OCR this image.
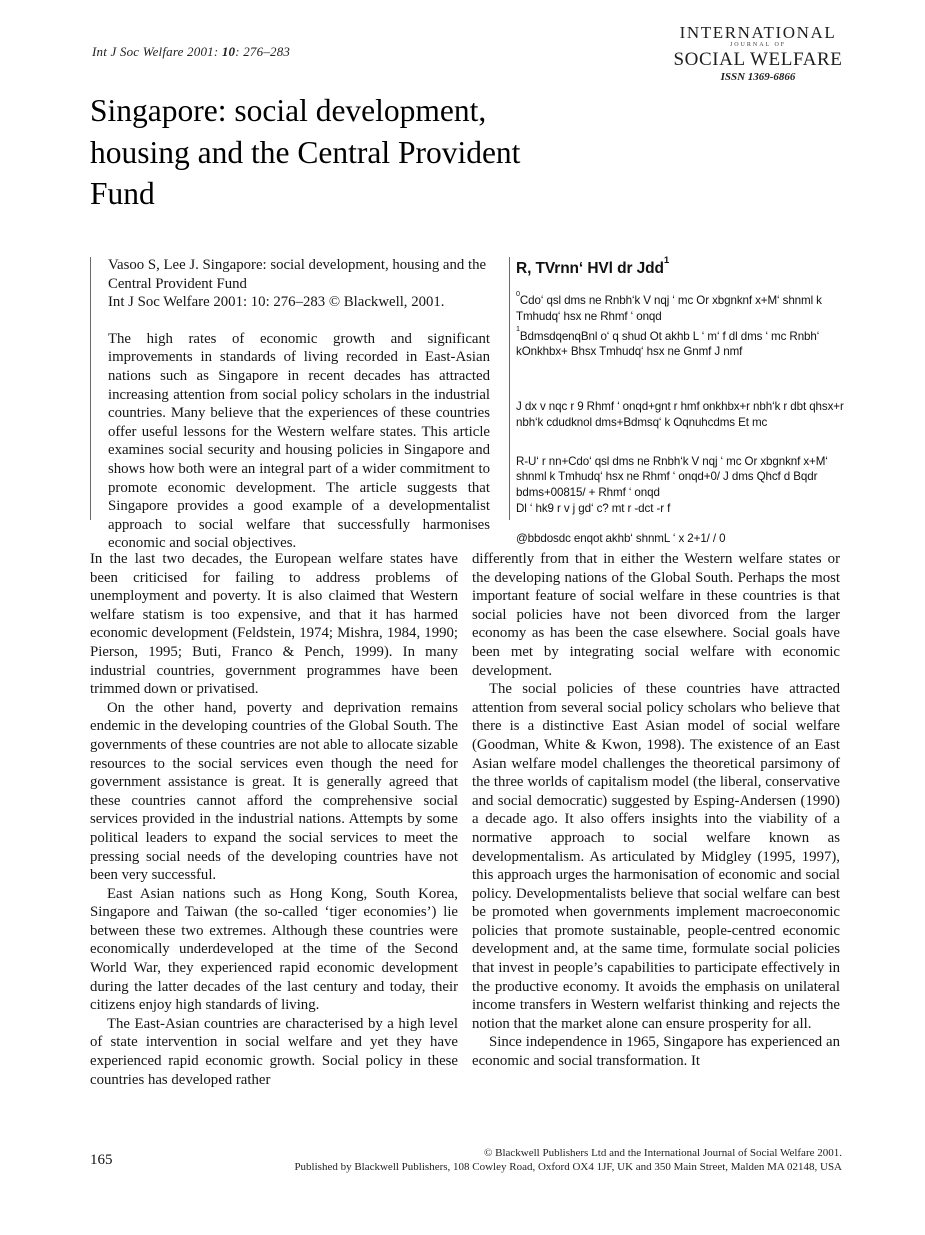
Int J Soc Welfare 2001: 10: 276–283
INTERNATIONAL
JOURNAL OF
SOCIAL WELFARE
ISSN 1369-6866
Singapore: social development,
housing and the Central Provident
Fund
Vasoo S, Lee J. Singapore: social development, housing and the Central Provident Fund
Int J Soc Welfare 2001: 10: 276–283 © Blackwell, 2001.
The high rates of economic growth and significant improvements in standards of living recorded in East-Asian nations such as Singapore in recent decades has attracted increasing attention from social policy scholars in the industrial countries. Many believe that the experiences of these countries offer useful lessons for the Western welfare states. This article examines social security and housing policies in Singapore and shows how both were an integral part of a wider commitment to promote economic development. The article suggests that Singapore provides a good example of a developmentalist approach to social welfare that successfully harmonises economic and social objectives.
R, TVrnn‘ HVl dr Jdd$^1$
$^0$Cdo‘ qsl dms ne Rnbh‘k V nqj ‘ mc Or xbgnknf x+M‘ shnml k Tmhudq‘ hsx ne Rhmf ‘ onqd
$^1$BdmsdqenqBnl o‘ q shud Ot akhb L ‘ m‘ f dl dms ‘ mc Rnbh‘ kOnkhbx+ Bhsx Tmhudq‘ hsx ne Gnmf J nmf
J dx v nqc r 9 Rhmf ‘ onqd+gnt r hmf onkhbx+r nbh‘k r dbt qhsx+r nbh‘k cdudknol dms+Bdmsq‘ k Oqnuhcdms Et mc
R-U‘ r nn+Cdo‘ qsl dms ne Rnbh‘k V nqj ‘ mc Or xbgnknf x+M‘ shnml k Tmhudq‘ hsx ne Rhmf ‘ onqd+0/ J dms Qhcf d Bqdr bdms+00815/ + Rhmf ‘ onqd
Dl ‘ hk9 r v j gd‘ c? mt r -dct -r f
@bbdosdc enqot akhb‘ shnmL ‘ x 2+1/ / 0

In the last two decades, the European welfare states have been criticised for failing to address problems of unemployment and poverty. It is also claimed that Western welfare statism is too expensive, and that it has harmed economic development (Feldstein, 1974; Mishra, 1984, 1990; Pierson, 1995; Buti, Franco & Pench, 1999). In many industrial countries, government programmes have been trimmed down or privatised.

On the other hand, poverty and deprivation remains endemic in the developing countries of the Global South. The governments of these countries are not able to allocate sizable resources to the social services even though the need for government assistance is great. It is generally agreed that these countries cannot afford the comprehensive social services provided in the industrial nations. Attempts by some political leaders to expand the social services to meet the pressing social needs of the developing countries have not been very successful.

East Asian nations such as Hong Kong, South Korea, Singapore and Taiwan (the so-called ‘tiger economies’) lie between these two extremes. Although these countries were economically underdeveloped at the time of the Second World War, they experienced rapid economic development during the latter decades of the last century and today, their citizens enjoy high standards of living.

The East-Asian countries are characterised by a high level of state intervention in social welfare and yet they have experienced rapid economic growth. Social policy in these countries has developed rather

differently from that in either the Western welfare states or the developing nations of the Global South. Perhaps the most important feature of social welfare in these countries is that social policies have not been divorced from the larger economy as has been the case elsewhere. Social goals have been met by integrating social welfare with economic development.

The social policies of these countries have attracted attention from several social policy scholars who believe that there is a distinctive East Asian model of social welfare (Goodman, White & Kwon, 1998). The existence of an East Asian welfare model challenges the theoretical parsimony of the three worlds of capitalism model (the liberal, conservative and social democratic) suggested by Esping-Andersen (1990) a decade ago. It also offers insights into the viability of a normative approach to social welfare known as developmentalism. As articulated by Midgley (1995, 1997), this approach urges the harmonisation of economic and social policy. Developmentalists believe that social welfare can best be promoted when governments implement macroeconomic policies that promote sustainable, people-centred economic development and, at the same time, formulate social policies that invest in people’s capabilities to participate effectively in the productive economy. It avoids the emphasis on unilateral income transfers in Western welfarist thinking and rejects the notion that the market alone can ensure prosperity for all.

Since independence in 1965, Singapore has experienced an economic and social transformation. It

© Blackwell Publishers Ltd and the International Journal of Social Welfare 2001.
Published by Blackwell Publishers, 108 Cowley Road, Oxford OX4 1JF, UK and 350 Main Street, Malden MA 02148, USA
165
